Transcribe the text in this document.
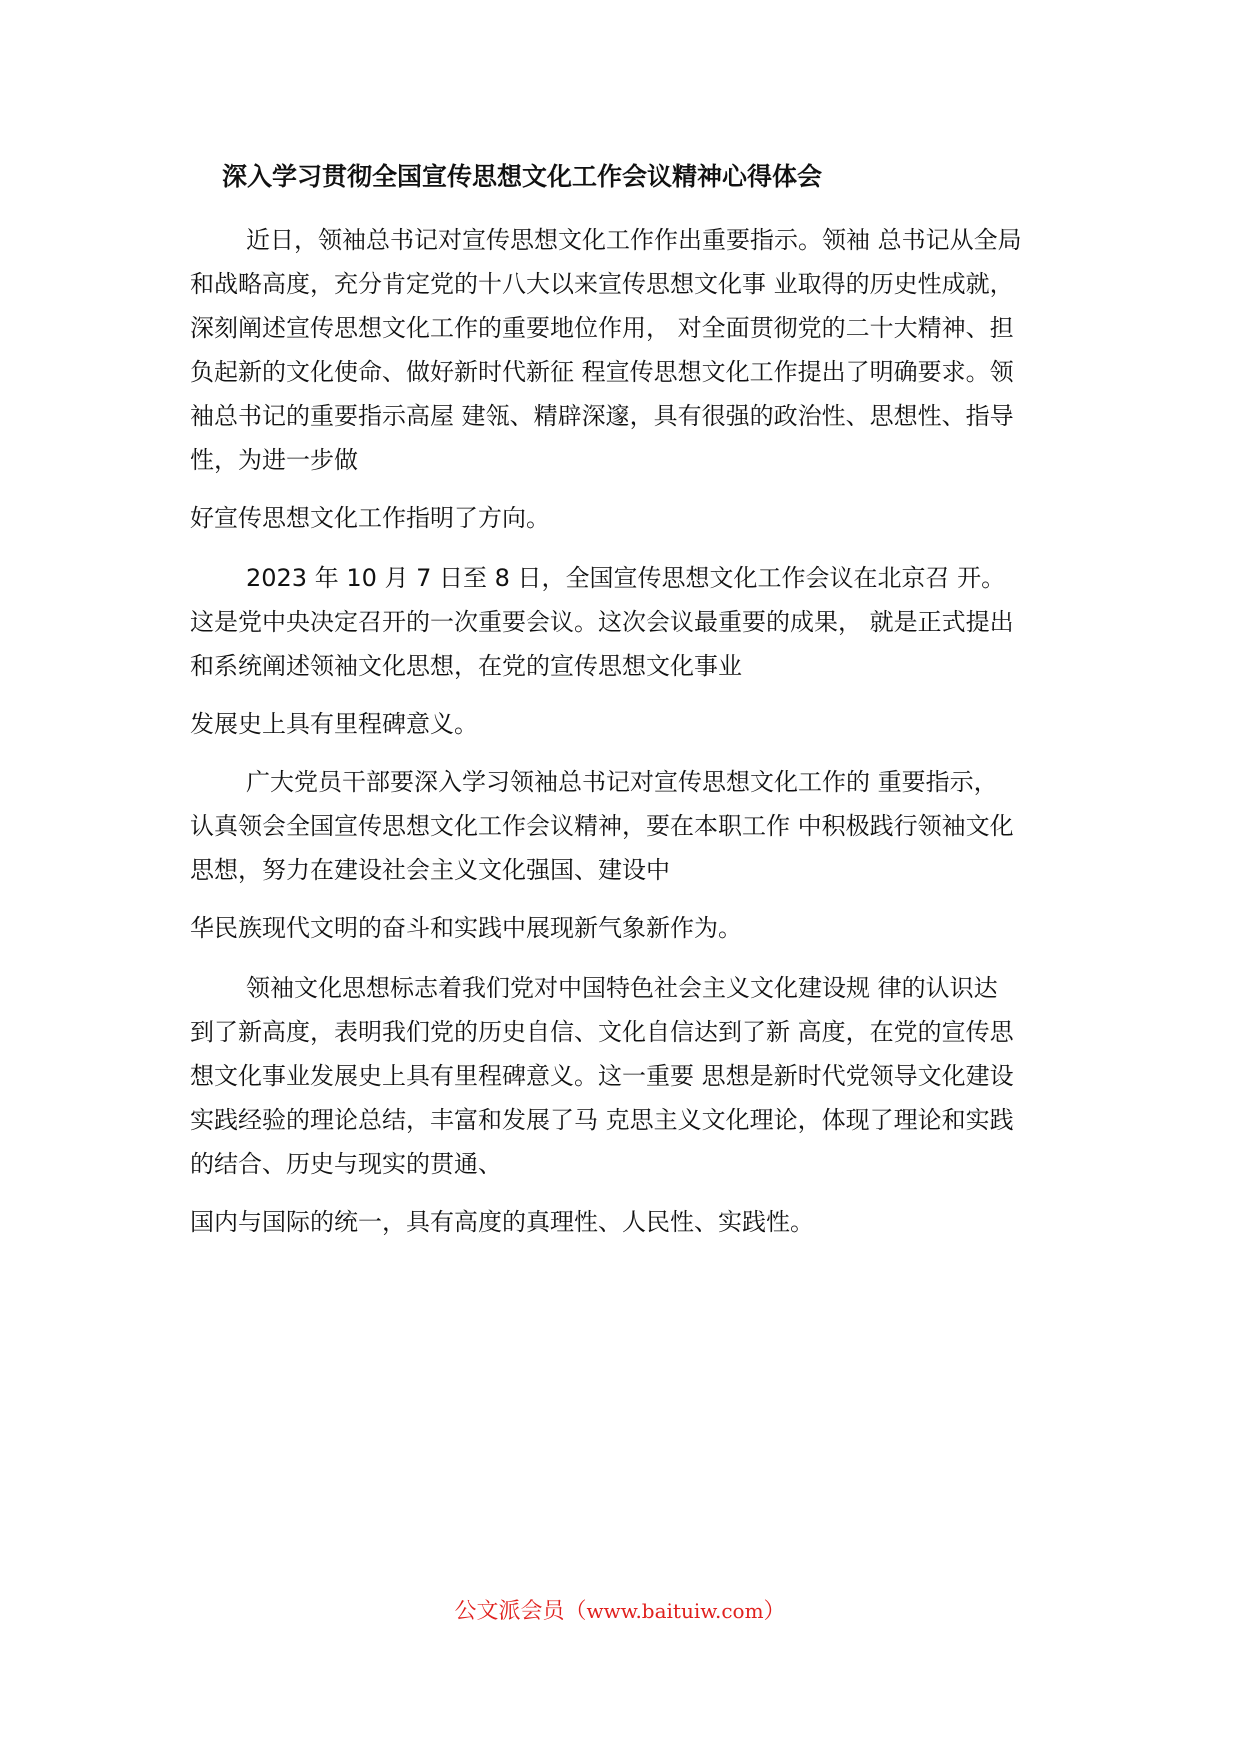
深入学习贯彻全国宣传思想文化工作会议精神心得体会
近日，领袖总书记对宣传思想文化工作作出重要指示。领袖 总书记从全局
和战略高度，充分肯定党的十八大以来宣传思想文化事 业取得的历史性成就，
深刻阐述宣传思想文化工作的重要地位作用， 对全面贯彻党的二十大精神、担
负起新的文化使命、做好新时代新征 程宣传思想文化工作提出了明确要求。领
袖总书记的重要指示高屋 建瓴、精辟深邃，具有很强的政治性、思想性、指导
性，为进一步做
好宣传思想文化工作指明了方向。
2023 年 10 月 7 日至 8 日，全国宣传思想文化工作会议在北京召 开。
这是党中央决定召开的一次重要会议。这次会议最重要的成果， 就是正式提出
和系统阐述领袖文化思想，在党的宣传思想文化事业
发展史上具有里程碑意义。
广大党员干部要深入学习领袖总书记对宣传思想文化工作的 重要指示，
认真领会全国宣传思想文化工作会议精神，要在本职工作 中积极践行领袖文化
思想，努力在建设社会主义文化强国、建设中
华民族现代文明的奋斗和实践中展现新气象新作为。
领袖文化思想标志着我们党对中国特色社会主义文化建设规 律的认识达
到了新高度，表明我们党的历史自信、文化自信达到了新 高度，在党的宣传思
想文化事业发展史上具有里程碑意义。这一重要 思想是新时代党领导文化建设
实践经验的理论总结，丰富和发展了马 克思主义文化理论，体现了理论和实践
的结合、历史与现实的贯通、
国内与国际的统一，具有高度的真理性、人民性、实践性。
公文派会员（www.baituiw.com）
